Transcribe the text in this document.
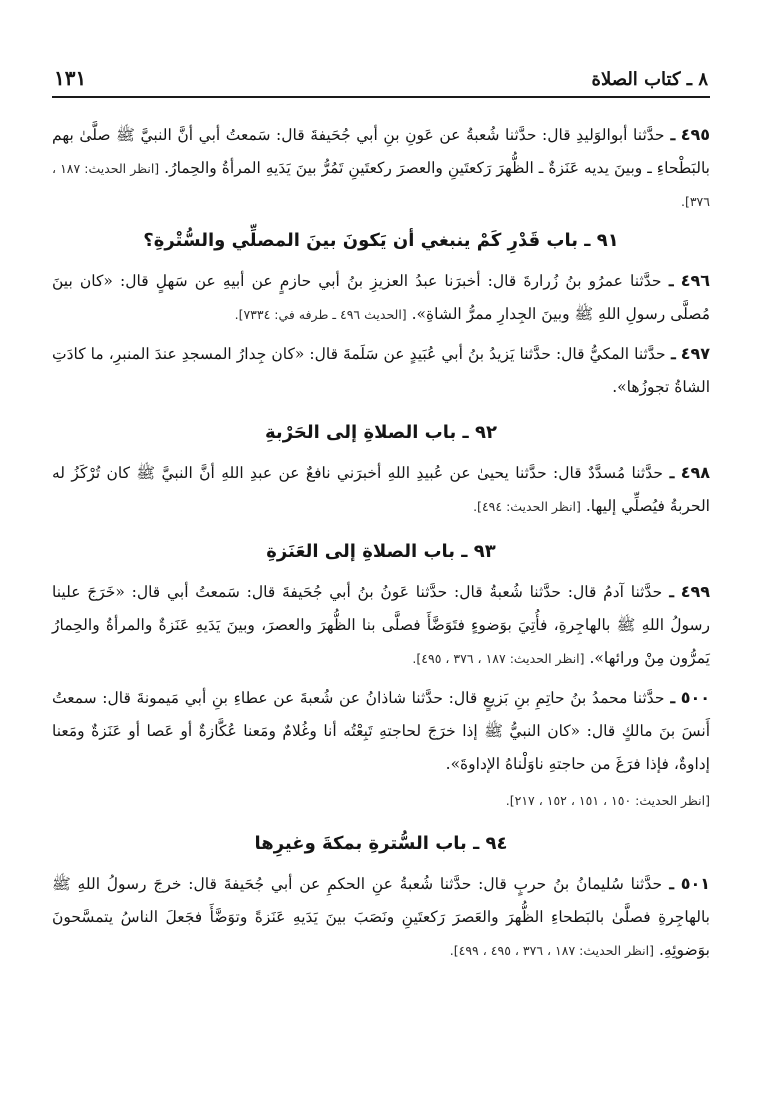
٨ ـ كتاب الصلاة
١٣١

٤٩٥ ـ حدَّثنا أبوالوَليدِ قال: حدَّثنا شُعبةُ عن عَونِ بنِ أبي جُحَيفةَ قال: سَمعتُ أبي أنَّ النبيَّ ﷺ صلَّىٰ بهم بالبَطْحاءِ ـ وبينَ يديه عَنَزةٌ ـ الظُّهرَ رَكعتَينِ والعصرَ ركعتَينِ تَمُرُّ بينَ يَدَيهِ المرأةُ والحِمارُ. [انظر الحديث: ١٨٧ ، ٣٧٦].

٩١ ـ باب قَدْرِ كَمْ ينبغي أن يَكونَ بينَ المصلِّي والسُّتْرةِ؟

٤٩٦ ـ حدَّثنا عمرُو بنُ زُرارةَ قال: أخبرَنا عبدُ العزيزِ بنُ أبي حازمٍ عن أبيهِ عن سَهلٍ قال: «كان بينَ مُصلَّى رسولِ اللهِ ﷺ وبينَ الجِدارِ ممرُّ الشاةِ». [الحديث ٤٩٦ ـ طرفه في: ٧٣٣٤].

٤٩٧ ـ حدَّثنا المكيُّ قال: حدَّثنا يَزيدُ بنُ أبي عُبَيدٍ عن سَلَمةَ قال: «كان جِدارُ المسجدِ عندَ المنبرِ، ما كادَتِ الشاةُ تجوزُها».

٩٢ ـ باب الصلاةِ إلى الحَرْبةِ

٤٩٨ ـ حدَّثنا مُسدَّدٌ قال: حدَّثنا يحيىٰ عن عُبيدِ اللهِ أخبرَني نافعٌ عن عبدِ اللهِ أنَّ النبيَّ ﷺ كان تُرْكَزُ له الحربةُ فيُصلِّي إليها. [انظر الحديث: ٤٩٤].

٩٣ ـ باب الصلاةِ إلى العَنَزةِ

٤٩٩ ـ حدَّثنا آدمُ قال: حدَّثنا شُعبةُ قال: حدَّثنا عَونُ بنُ أبي جُحَيفةَ قال: سَمعتُ أبي قال: «خَرَجَ علينا رسولُ اللهِ ﷺ بالهاجِرةِ، فأُتِيَ بوَضوءٍ فتَوَضَّأَ فصلَّى بنا الظُّهرَ والعصرَ، وبينَ يَدَيهِ عَنَزةٌ والمرأةُ والحِمارُ يَمرُّون مِنْ ورائها». [انظر الحديث: ١٨٧ ، ٣٧٦ ، ٤٩٥].

٥٠٠ ـ حدَّثنا محمدُ بنُ حاتِمِ بنِ بَزيعٍ قال: حدَّثنا شاذانُ عن شُعبةَ عن عطاءِ بنِ أبي مَيمونةَ قال: سمعتُ أَنسَ بنَ مالكٍ قال: «كان النبيُّ ﷺ إذا خرَجَ لحاجتهِ تَبِعْتُه أنا وغُلامٌ ومَعنا عُكَّازةٌ أو عَصا أو عَنَزةٌ ومَعنا إداوةٌ، فإذا فرَغَ من حاجتهِ ناوَلْناهُ الإداوةَ».

[انظر الحديث: ١٥٠ ، ١٥١ ، ١٥٢ ، ٢١٧].
٩٤ ـ باب السُّترةِ بمكةَ وغيرِها

٥٠١ ـ حدَّثنا سُليمانُ بنُ حربٍ قال: حدَّثنا شُعبةُ عنِ الحكمِ عن أبي جُحَيفةَ قال: خرجَ رسولُ اللهِ ﷺ بالهاجِرةِ فصلَّىٰ بالبَطحاءِ الظُّهرَ والعَصرَ رَكعتَينِ ونَصَبَ بينَ يَدَيهِ عَنَزةً وتوَضَّأَ فجَعلَ الناسُ يتمسَّحونَ بوَضوئِهِ. [انظر الحديث: ١٨٧ ، ٣٧٦ ، ٤٩٥ ، ٤٩٩].
